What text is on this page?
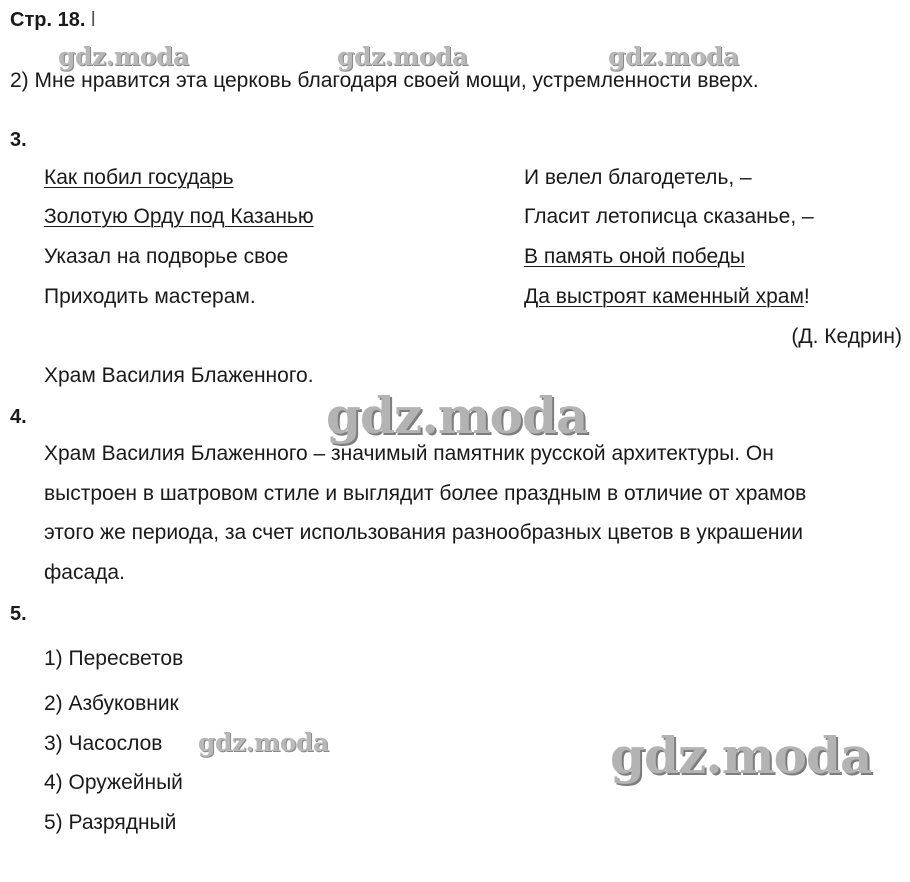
Стр. 18. l
gdz.moda	gdz.moda	gdz.moda
2) Мне нравится эта церковь благодаря своей мощи, устремленности вверх.
3.
Как побил государь
Золотую Орду под Казанью
Указал на подворье свое
Приходить мастерам.
И велел благодетель, –
Гласит летописца сказанье, –
В память оной победы
Да выстроят каменный храм!
(Д. Кедрин)
Храм Василия Блаженного.
gdz.moda
4.
Храм Василия Блаженного – значимый памятник русской архитектуры. Он
выстроен в шатровом стиле и выглядит более праздным в отличие от храмов
этого же периода, за счет использования разнообразных цветов в украшении
фасада.
5.
1) Пересветов
2) Азбуковник
3) Часослов
4) Оружейный
5) Разрядный
gdz.moda	gdz.moda
